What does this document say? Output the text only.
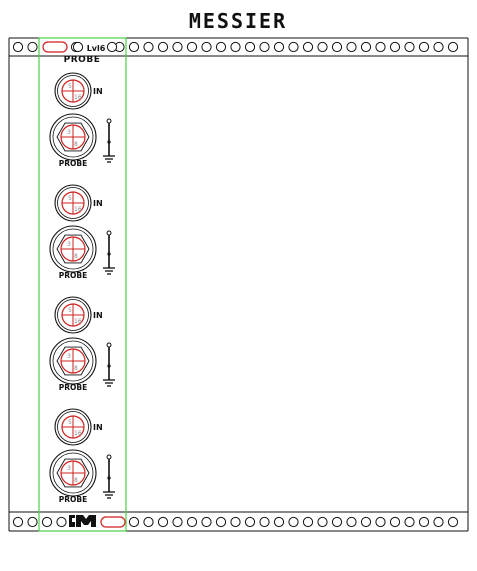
MESSIER
Lvl6
PROBE
5
16
IN
3
8
PROBE
5
16
IN
3
8
PROBE
5
16
IN
3
8
PROBE
5
16
IN
3
8
PROBE
